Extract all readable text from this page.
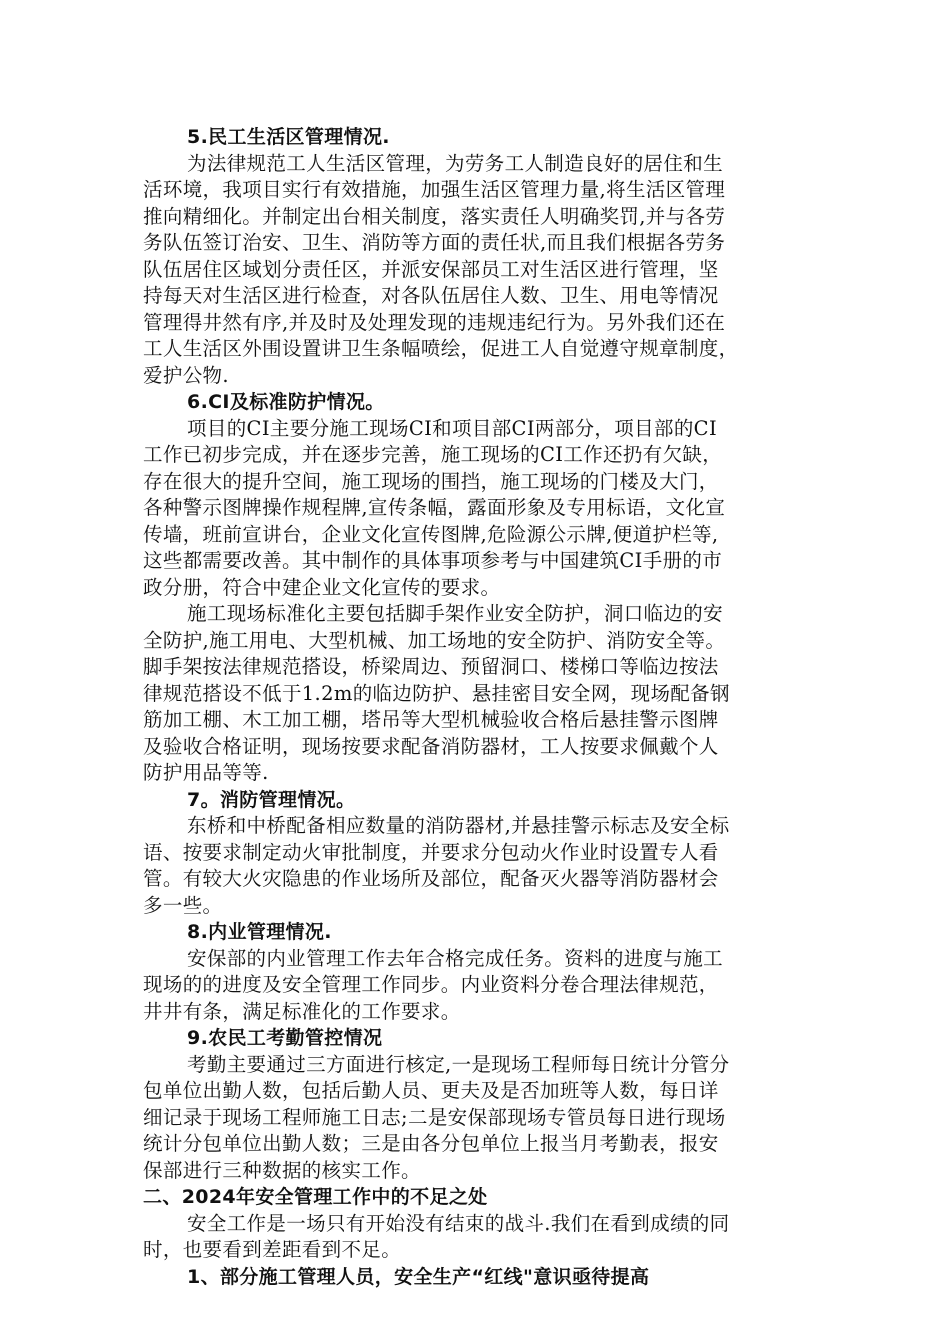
5.民工生活区管理情况.
为法律规范工人生活区管理，为劳务工人制造良好的居住和生
活环境，我项目实行有效措施，加强生活区管理力量,将生活区管理
推向精细化。并制定出台相关制度，落实责任人明确奖罚,并与各劳
务队伍签订治安、卫生、消防等方面的责任状,而且我们根据各劳务
队伍居住区域划分责任区，并派安保部员工对生活区进行管理，坚
持每天对生活区进行检查，对各队伍居住人数、卫生、用电等情况
管理得井然有序,并及时及处理发现的违规违纪行为。另外我们还在
工人生活区外围设置讲卫生条幅喷绘，促进工人自觉遵守规章制度，
爱护公物.
6.CI及标准防护情况。
项目的CI主要分施工现场CI和项目部CI两部分，项目部的CI
工作已初步完成，并在逐步完善，施工现场的CI工作还扔有欠缺，
存在很大的提升空间，施工现场的围挡，施工现场的门楼及大门，
各种警示图牌操作规程牌,宣传条幅，露面形象及专用标语，文化宣
传墙，班前宣讲台，企业文化宣传图牌,危险源公示牌,便道护栏等,
这些都需要改善。其中制作的具体事项参考与中国建筑CI手册的市
政分册，符合中建企业文化宣传的要求。
施工现场标准化主要包括脚手架作业安全防护，洞口临边的安
全防护,施工用电、大型机械、加工场地的安全防护、消防安全等。
脚手架按法律规范搭设，桥梁周边、预留洞口、楼梯口等临边按法
律规范搭设不低于1.2m的临边防护、悬挂密目安全网，现场配备钢
筋加工棚、木工加工棚，塔吊等大型机械验收合格后悬挂警示图牌
及验收合格证明，现场按要求配备消防器材，工人按要求佩戴个人
防护用品等等.
7。消防管理情况。
东桥和中桥配备相应数量的消防器材,并悬挂警示标志及安全标
语、按要求制定动火审批制度，并要求分包动火作业时设置专人看
管。有较大火灾隐患的作业场所及部位，配备灭火器等消防器材会
多一些。
8.内业管理情况.
安保部的内业管理工作去年合格完成任务。资料的进度与施工
现场的的进度及安全管理工作同步。内业资料分卷合理法律规范，
井井有条，满足标准化的工作要求。
9.农民工考勤管控情况
考勤主要通过三方面进行核定,一是现场工程师每日统计分管分
包单位出勤人数，包括后勤人员、更夫及是否加班等人数，每日详
细记录于现场工程师施工日志;二是安保部现场专管员每日进行现场
统计分包单位出勤人数；三是由各分包单位上报当月考勤表，报安
保部进行三种数据的核实工作。
二、2024年安全管理工作中的不足之处
安全工作是一场只有开始没有结束的战斗.我们在看到成绩的同
时，也要看到差距看到不足。
1、部分施工管理人员，安全生产“红线"意识亟待提高
